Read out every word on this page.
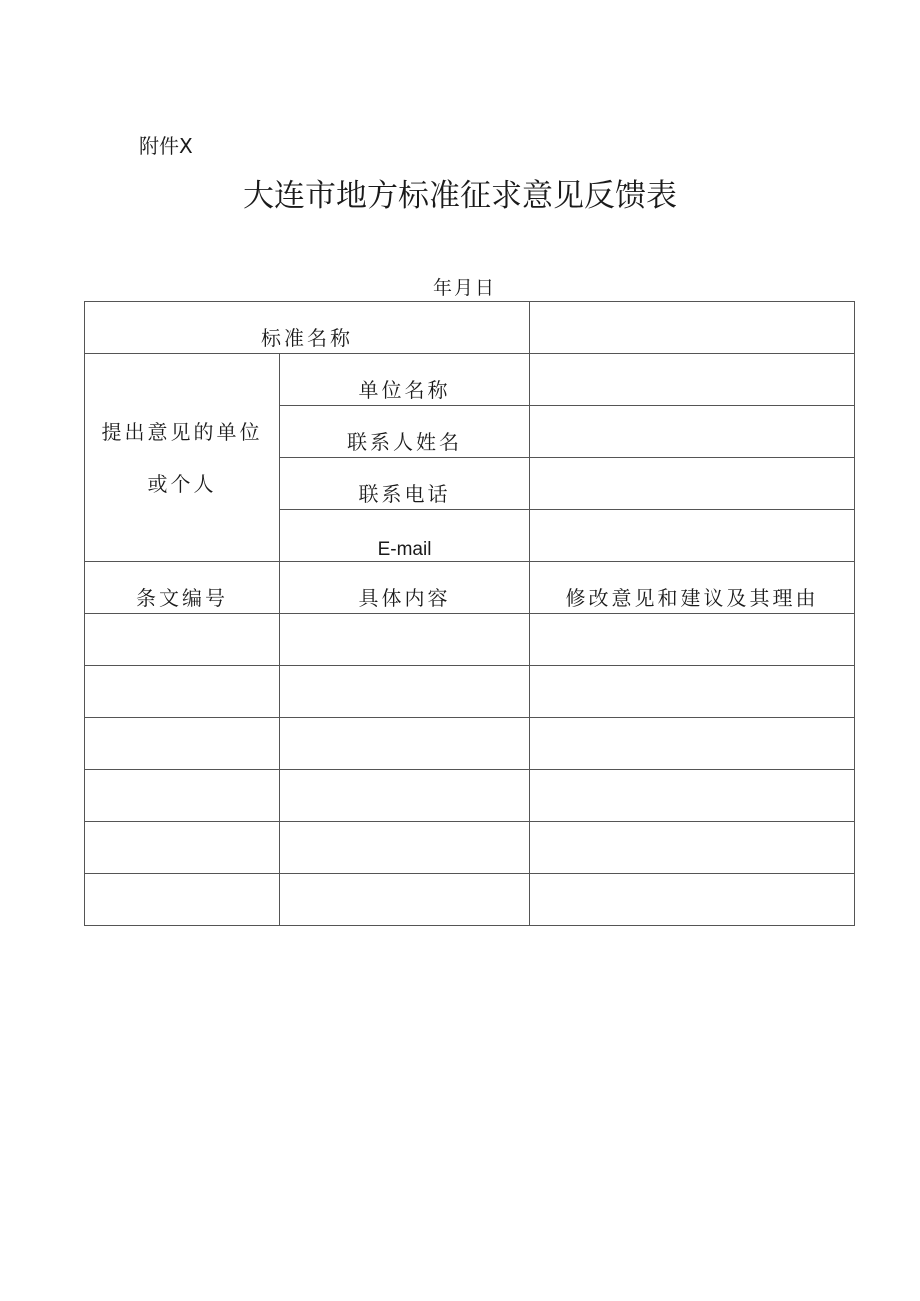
附件X
大连市地方标准征求意见反馈表
年月日
标准名称		

提出意见的单位
或个人	单位名称	

	联系人姓名	

	联系电话	

	E-mail	

条文编号	具体内容	修改意见和建议及其理由
